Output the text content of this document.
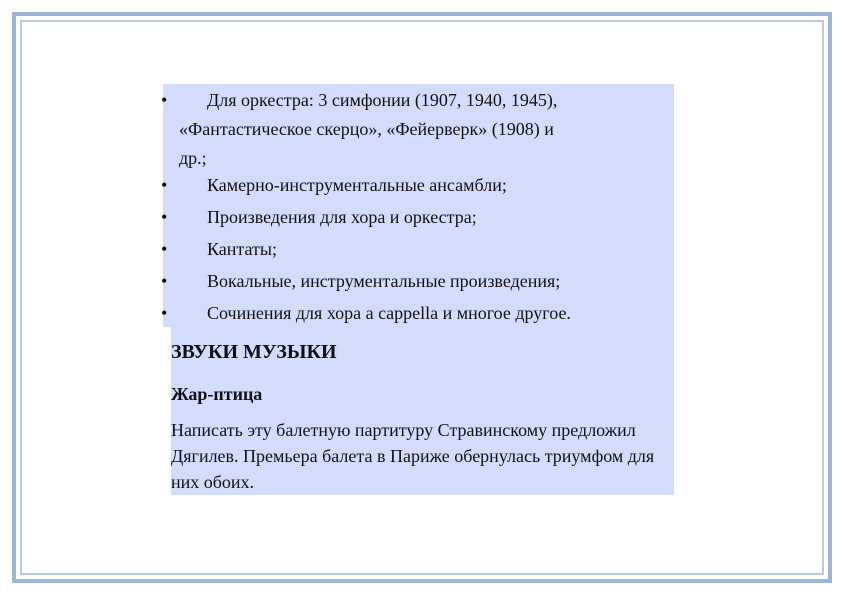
• Для оркестра: 3 симфонии (1907, 1940, 1945),
«Фантастическое скерцо», «Фейерверк» (1908) и
др.;
• Камерно-инструментальные ансамбли;
• Произведения для хора и оркестра;
• Кантаты;
• Вокальные, инструментальные произведения;
• Сочинения для хора a cappella и многое другое.
ЗВУКИ МУЗЫКИ
Жар-птица
Написать эту балетную партитуру Стравинскому предложил Дягилев. Премьера балета в Париже обернулась триумфом для них обоих.
